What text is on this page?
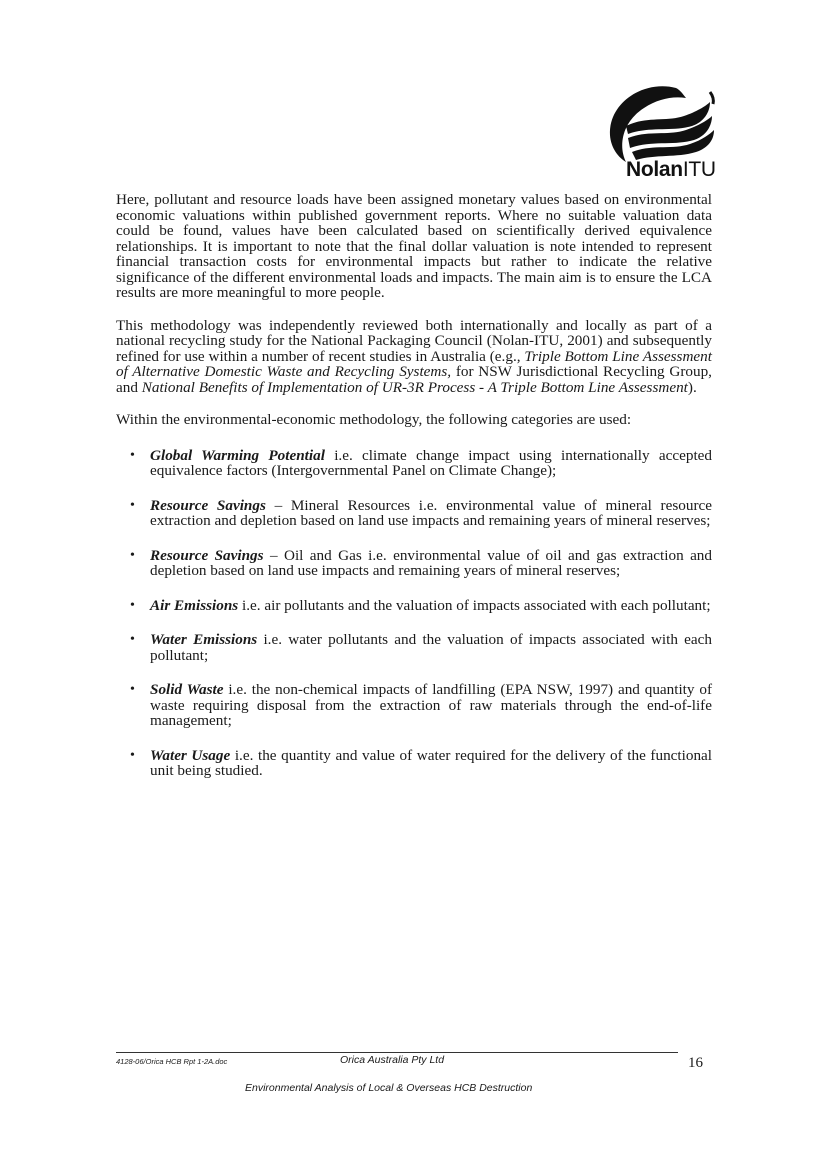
NolanITU

Here, pollutant and resource loads have been assigned monetary values based on environmental economic valuations within published government reports. Where no suitable valuation data could be found, values have been calculated based on scientifically derived equivalence relationships. It is important to note that the final dollar valuation is note intended to represent financial transaction costs for environmental impacts but rather to indicate the relative significance of the different environmental loads and impacts. The main aim is to ensure the LCA results are more meaningful to more people.

This methodology was independently reviewed both internationally and locally as part of a national recycling study for the National Packaging Council (Nolan-ITU, 2001) and subsequently refined for use within a number of recent studies in Australia (e.g., Triple Bottom Line Assessment of Alternative Domestic Waste and Recycling Systems, for NSW Jurisdictional Recycling Group, and National Benefits of Implementation of UR-3R Process - A Triple Bottom Line Assessment).

Within the environmental-economic methodology, the following categories are used:

• Global Warming Potential i.e. climate change impact using internationally accepted equivalence factors (Intergovernmental Panel on Climate Change);
• Resource Savings – Mineral Resources i.e. environmental value of mineral resource extraction and depletion based on land use impacts and remaining years of mineral reserves;
• Resource Savings – Oil and Gas i.e. environmental value of oil and gas extraction and depletion based on land use impacts and remaining years of mineral reserves;
• Air Emissions i.e. air pollutants and the valuation of impacts associated with each pollutant;
• Water Emissions i.e. water pollutants and the valuation of impacts associated with each pollutant;
• Solid Waste i.e. the non-chemical impacts of landfilling (EPA NSW, 1997) and quantity of waste requiring disposal from the extraction of raw materials through the end-of-life management;
• Water Usage i.e. the quantity and value of water required for the delivery of the functional unit being studied.
4128-06/Orica HCB Rpt 1-2A.doc	Orica Australia Pty Ltd	16
Environmental Analysis of Local & Overseas HCB Destruction
